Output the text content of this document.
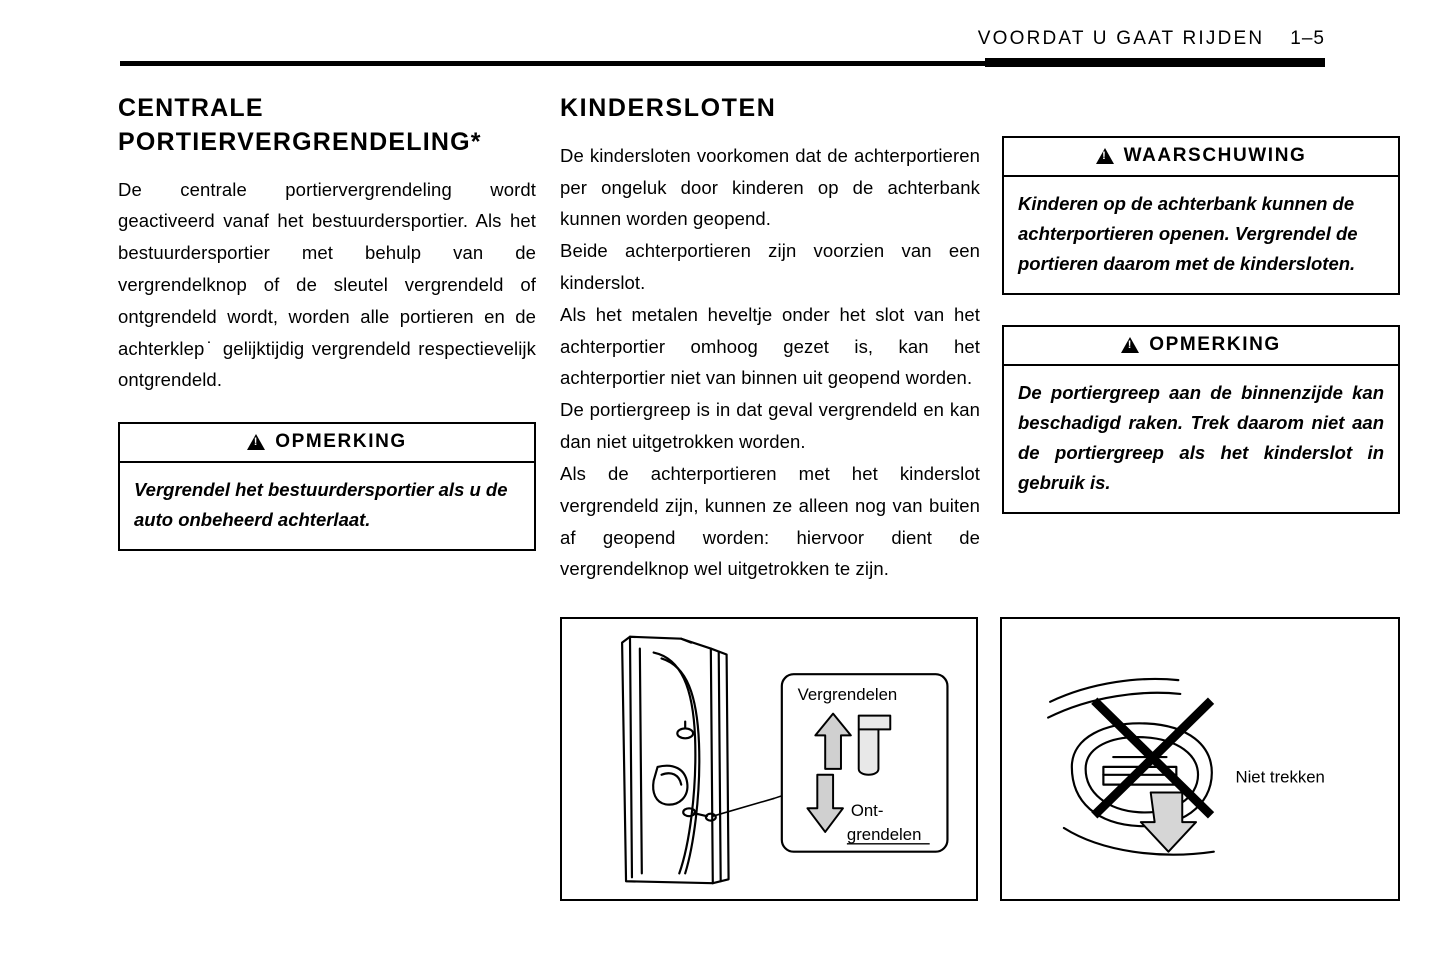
VOORDAT U GAAT RIJDEN 1–5
CENTRALE PORTIERVERGRENDELING*

De centrale portiervergrendeling wordt geactiveerd vanaf het bestuurdersportier. Als het bestuurdersportier met behulp van de vergrendelknop of de sleutel vergrendeld of ontgrendeld wordt, worden alle portieren en de achterklep˙ gelijktijdig vergrendeld respectievelijk ontgrendeld.

!
OPMERKING
Vergrendel het bestuurdersportier als u de auto onbeheerd achterlaat.
KINDERSLOTEN

De kindersloten voorkomen dat de achterportieren per ongeluk door kinderen op de achterbank kunnen worden geopend.

Beide achterportieren zijn voorzien van een kinderslot.

Als het metalen heveltje onder het slot van het achterportier omhoog gezet is, kan het achterportier niet van binnen uit geopend worden.

De portiergreep is in dat geval vergrendeld en kan dan niet uitgetrokken worden.

Als de achterportieren met het kinderslot vergrendeld zijn, kunnen ze alleen nog van buiten af geopend worden: hiervoor dient de vergrendelknop wel uitgetrokken te zijn.

!
WAARSCHUWING
Kinderen op de achterbank kunnen de achterportieren openen. Vergrendel de portieren daarom met de kindersloten.
!
OPMERKING
De portiergreep aan de binnenzijde kan beschadigd raken. Trek daarom niet aan de portiergreep als het kinderslot in gebruik is.
Vergrendelen
Ont-
grendelen
Niet trekken
